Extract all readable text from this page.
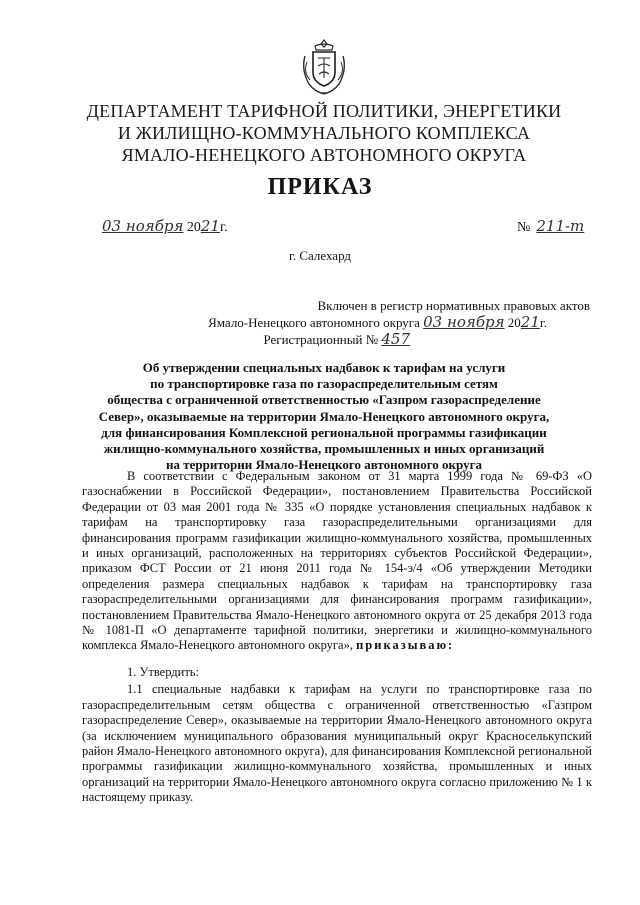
ДЕПАРТАМЕНТ ТАРИФНОЙ ПОЛИТИКИ, ЭНЕРГЕТИКИ
И ЖИЛИЩНО-КОММУНАЛЬНОГО КОМПЛЕКСА
ЯМАЛО-НЕНЕЦКОГО АВТОНОМНОГО ОКРУГА
ПРИКАЗ
03 ноября 2021г.	№ 211-т
г. Салехард
Включен в регистр нормативных правовых актов
Ямало-Ненецкого автономного округа 03 ноября 2021г.
Регистрационный № 457
Об утверждении специальных надбавок к тарифам на услуги
по транспортировке газа по газораспределительным сетям
общества с ограниченной ответственностью «Газпром газораспределение
Север», оказываемые на территории Ямало-Ненецкого автономного округа,
для финансирования Комплексной региональной программы газификации
жилищно-коммунального хозяйства, промышленных и иных организаций
на территории Ямало-Ненецкого автономного округа

В соответствии с Федеральным законом от 31 марта 1999 года № 69-ФЗ «О газоснабжении в Российской Федерации», постановлением Правительства Российской Федерации от 03 мая 2001 года № 335 «О порядке установления специальных надбавок к тарифам на транспортировку газа газораспределительными организациями для финансирования программ газификации жилищно-коммунального хозяйства, промышленных и иных организаций, расположенных на территориях субъектов Российской Федерации», приказом ФСТ России от 21 июня 2011 года № 154-э/4 «Об утверждении Методики определения размера специальных надбавок к тарифам на транспортировку газа газораспределительными организациями для финансирования программ газификации», постановлением Правительства Ямало-Ненецкого автономного округа от 25 декабря 2013 года № 1081-П «О департаменте тарифной политики, энергетики и жилищно-коммунального комплекса Ямало-Ненецкого автономного округа», приказываю:

1. Утвердить:

1.1 специальные надбавки к тарифам на услуги по транспортировке газа по газораспределительным сетям общества с ограниченной ответственностью «Газпром газораспределение Север», оказываемые на территории Ямало-Ненецкого автономного округа (за исключением муниципального образования муниципальный округ Красноселькупский район Ямало-Ненецкого автономного округа), для финансирования Комплексной региональной программы газификации жилищно-коммунального хозяйства, промышленных и иных организаций на территории Ямало-Ненецкого автономного округа согласно приложению № 1 к настоящему приказу.
